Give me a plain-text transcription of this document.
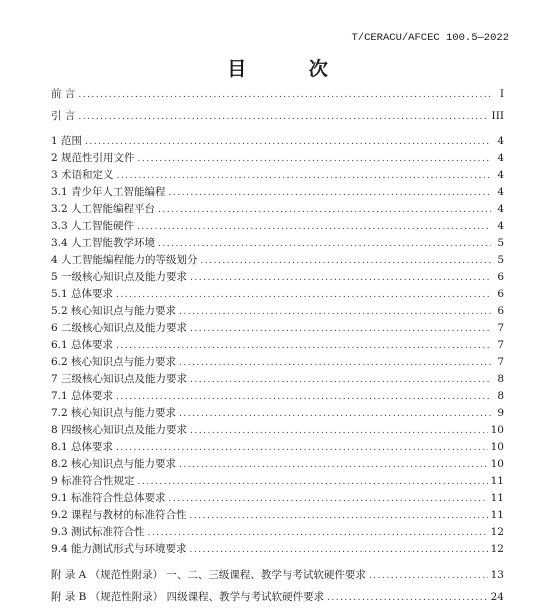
T/CERACU/AFCEC 100.5—2022
目 次
前 言 .....	I
引 言 .....	III
1 范围 .....	4
2 规范性引用文件 .....	4
3 术语和定义 .....	4
3.1 青少年人工智能编程 .....	4
3.2 人工智能编程平台 .....	4
3.3 人工智能硬件 .....	4
3.4 人工智能教学环境 .....	5
4 人工智能编程能力的等级划分 .....	5
5 一级核心知识点及能力要求 .....	6
5.1 总体要求 .....	6
5.2 核心知识点与能力要求 .....	6
6 二级核心知识点及能力要求 .....	7
6.1 总体要求 .....	7
6.2 核心知识点与能力要求 .....	7
7 三级核心知识点及能力要求 .....	8
7.1 总体要求 .....	8
7.2 核心知识点与能力要求 .....	9
8 四级核心知识点及能力要求 .....	10
8.1 总体要求 .....	10
8.2 核心知识点与能力要求 .....	10
9 标准符合性规定 .....	11
9.1 标准符合性总体要求 .....	11
9.2 课程与教材的标准符合性 .....	11
9.3 测试标准符合性 .....	12
9.4 能力测试形式与环境要求 .....	12
附 录 A （规范性附录） 一、二、三级课程、教学与考试软硬件要求 .....	13
附 录 B （规范性附录） 四级课程、教学与考试软硬件要求 .....	24
